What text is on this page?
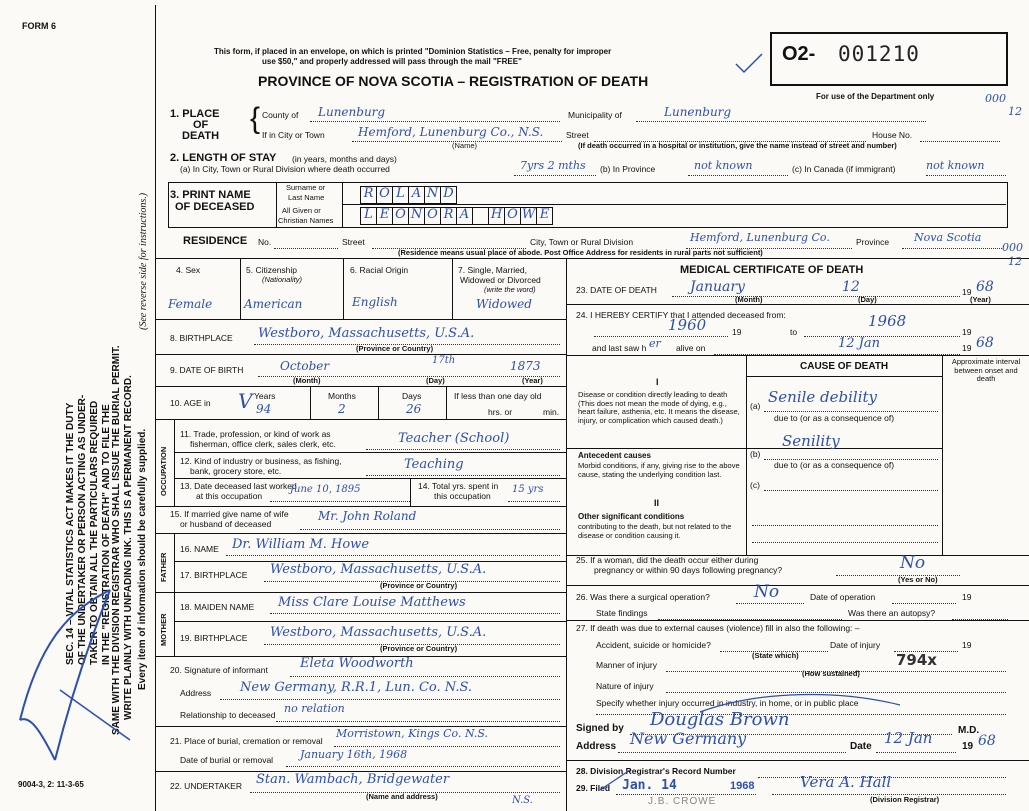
FORM 6
SEC. 14 – VITAL STATISTICS ACT MAKES IT THE DUTY OF THE UNDERTAKER OR PERSON ACTING AS UNDER- TAKER TO OBTAIN ALL THE PARTICULARS REQUIRED IN THE "REGISTRATION OF DEATH" AND TO FILE THE SAME WITH THE DIVISION REGISTRAR WHO SHALL ISSUE THE BURIAL PERMIT. WRITE PLAINLY WITH UNFADING INK. THIS IS A PERMANENT RECORD. Every item of information should be carefully supplied.
(See reverse side for instructions.)
This form, if placed in an envelope, on which is printed "Dominion Statistics – Free, penalty for improper
use $50," and properly addressed will pass through the mail "FREE"
PROVINCE OF NOVA SCOTIA – REGISTRATION OF DEATH
O2- 001210
For use of the Department only	000
12
000
12
1. PLACE
OF
DEATH
{ County of Lunenburg	Municipality of	Lunenburg
If in City or Town	Hemford, Lunenburg Co., N.S.	Street	House No.
(Name)	(If death occurred in a hospital or institution, give the name instead of street and number)
2. LENGTH OF STAY (in years, months and days)
(a) In City, Town or Rural Division where death occurred	7yrs 2 mths (b) In Province	not known	(c) In Canada (if immigrant)	not known
3. PRINT NAME
OF DECEASED
Surname or
Last Name
All Given or
Christian Names
R O L A N D
L E O N O R A H O W E
RESIDENCE No.	Street	City, Town or Rural Division	Hemford, Lunenburg Co.	Province Nova Scotia
(Residence means usual place of abode. Post Office Address for residents in rural parts not sufficient)
4. Sex
Female
5. Citizenship
(Nationality)
American
6. Racial Origin
English
7. Single, Married,
Widowed or Divorced
(write the word)
Widowed
8. BIRTHPLACE Westboro, Massachusetts, U.S.A.
(Province or Country)
9. DATE OF BIRTH	October	17th	1873
(Month)	(Day)	(Year)
10. AGE in
Years	Months	Days
V 94	2	26
If less than one day old
hrs. or	min.
OCCUPATION
11. Trade, profession, or kind of work as
fisherman, office clerk, sales clerk, etc.	Teacher (School)
12. Kind of industry or business, as fishing,
bank, grocery store, etc.	Teaching
13. Date deceased last worked
at this occupation
June 10, 1895	14. Total yrs. spent in
this occupation
15 yrs
15. If married give name of wife
or husband of deceased
Mr. John Roland
FATHER
16. NAME Dr. William M. Howe
17. BIRTHPLACE Westboro, Massachusetts, U.S.A.
(Province or Country)
MOTHER
18. MAIDEN NAME Miss Clare Louise Matthews
19. BIRTHPLACE Westboro, Massachusetts, U.S.A.
(Province or Country)
20. Signature of informant Eleta Woodworth
Address New Germany, R.R.1, Lun. Co. N.S.
Relationship to deceased no relation
21. Place of burial, cremation or removal
Morristown, Kings Co. N.S.
Date of burial or removal January 16th, 1968
22. UNDERTAKER Stan. Wambach, Bridgewater
N.S.
(Name and address)
9004-3, 2: 11-3-65
MEDICAL CERTIFICATE OF DEATH
23. DATE OF DEATH January	12	19 68
(Month)	(Day)	(Year)
24. I HEREBY CERTIFY that I attended deceased from:
1960	19	to
1968
19
and last saw h er alive on	12 Jan	19 68
CAUSE OF DEATH	Approximate interval between onset and death
I
Disease or condition directly leading to death (This does not mean the mode of dying, e.g., heart failure, asthenia, etc. It means the disease, injury, or complication which caused death.)
(a) Senile debility
due to (or as a consequence of)
(b)
Senility
Antecedent causes
Morbid conditions, if any, giving rise to the above cause, stating the underlying condition last.
due to (or as a consequence of)
(c)
II
Other significant conditions
contributing to the death, but not related to the disease or condition causing it.
25. If a woman, did the death occur either during
pregnancy or within 90 days following pregnancy?	No
(Yes or No)
26. Was there a surgical operation?	No	Date of operation	19
State findings	Was there an autopsy?
27. If death was due to external causes (violence) fill in also the following: –
Accident, suicide or homicide?
(State which)
Date of injury	19
Manner of injury	794x
(How sustained)
Nature of injury
Specify whether injury occurred in industry, in home, or in public place
Signed by Douglas Brown
M.D.
Address New Germany	Date 12 Jan	19 68
28. Division Registrar's Record Number
29. Filed Jan. 14	1968	Vera A. Hall
(Division Registrar)
J.B. CROWE
